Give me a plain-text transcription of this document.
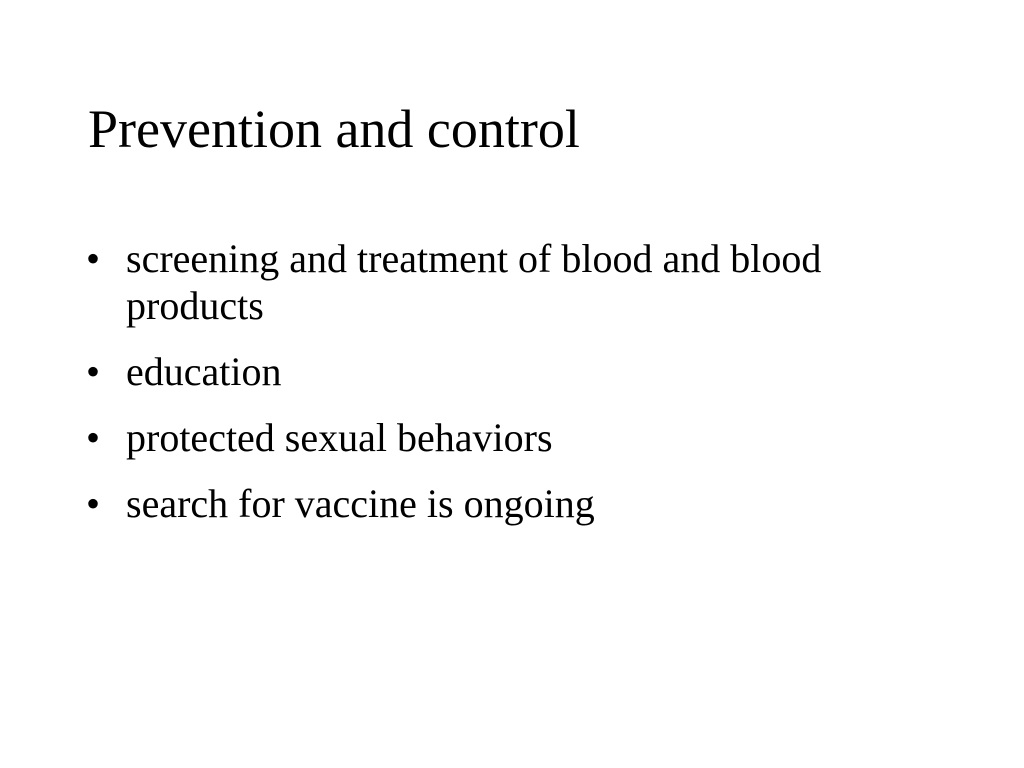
Prevention and control
• screening and treatment of blood and blood products
• education
• protected sexual behaviors
• search for vaccine is ongoing
